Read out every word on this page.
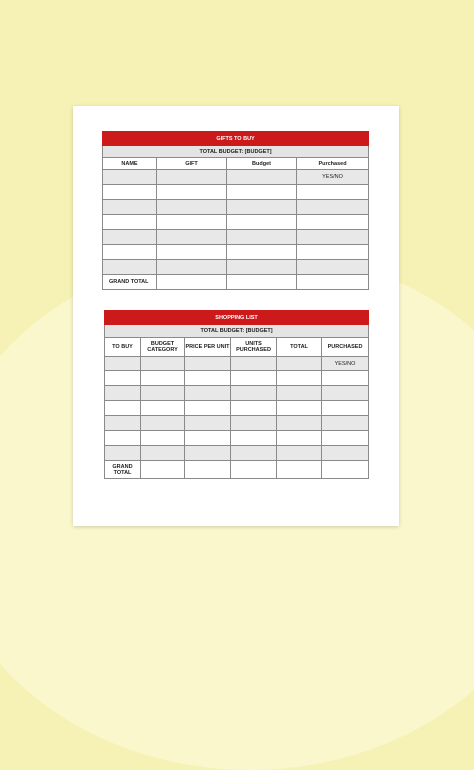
GIFTS TO BUY			
TOTAL BUDGET: [BUDGET]			
NAME	GIFT	Budget	Purchased
			YES/NO

GRAND TOTAL			
SHOPPING LIST					
TOTAL BUDGET: [BUDGET]					
TO BUY	BUDGET CATEGORY	PRICE PER UNIT	UNITS PURCHASED	TOTAL	PURCHASED
					YES/NO

GRAND TOTAL					
